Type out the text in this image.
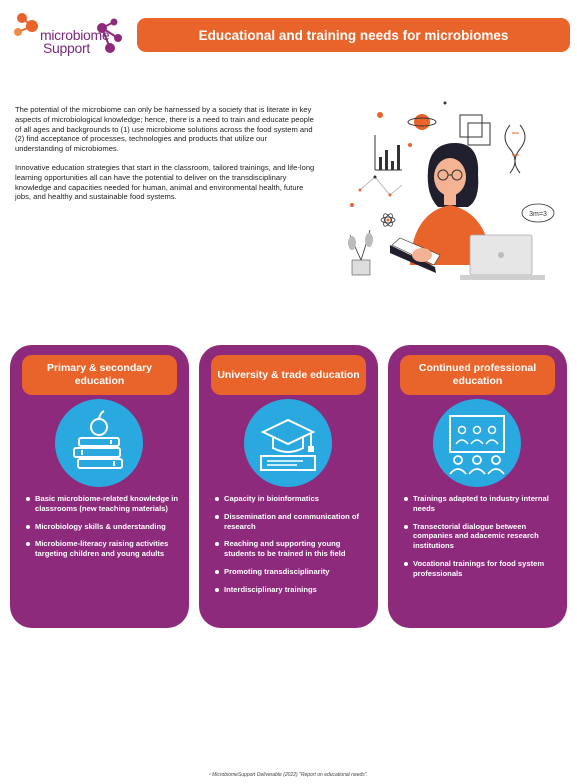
microbiome
Support
Educational and training needs for microbiomes

The potential of the microbiome can only be harnessed by a society that is literate in key aspects of microbiological knowledge; hence, there is a need to train and educate people of all ages and backgrounds to (1) use microbiome solutions across the food system and (2) find acceptance of processes, technologies and products that utilize our understanding of microbiomes.

Innovative education strategies that start in the classroom, tailored trainings, and life-long learning opportunities all can have the potential to deliver on the transdisciplinary knowledge and capacities needed for human, animal and environmental health, future jobs, and healthy and sustainable food systems.

3m=3
Primary & secondary education
Basic microbiome-related knowledge in classrooms (new teaching materials)
Microbiology skills & understanding
Microbiome-literacy raising activities targeting children and young adults
University & trade education
Capacity in bioinformatics
Dissemination and communication of research
Reaching and supporting young students to be trained in this field
Promoting transdisciplinarity
Interdisciplinary trainings
Continued professional education
Trainings adapted to industry internal needs
Transectorial dialogue between companies and adacemic research institutions
Vocational trainings for food system professionals
¹ MicrobiomeSupport Deliverable (2022) "Report on educational needs".
